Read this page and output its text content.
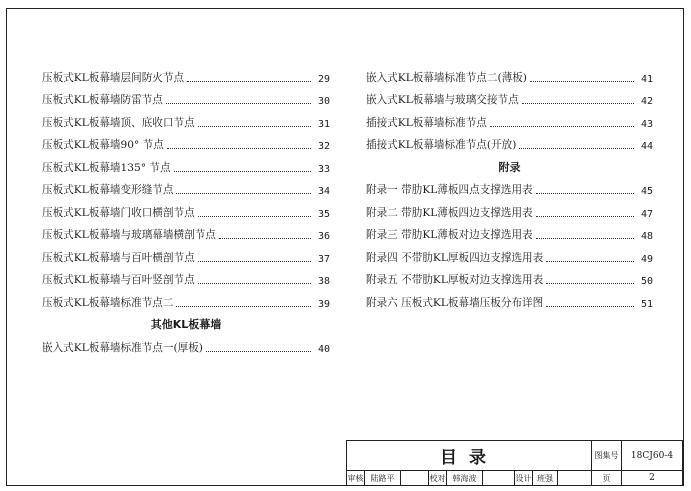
压板式KL板幕墙层间防火节点	29
压板式KL板幕墙防雷节点	30
压板式KL板幕墙顶、底收口节点	31
压板式KL板幕墙90° 节点	32
压板式KL板幕墙135° 节点	33
压板式KL板幕墙变形缝节点	34
压板式KL板幕墙门收口横剖节点	35
压板式KL板幕墙与玻璃幕墙横剖节点	36
压板式KL板幕墙与百叶横剖节点	37
压板式KL板幕墙与百叶竖剖节点	38
压板式KL板幕墙标准节点二	39
其他KL板幕墙
嵌入式KL板幕墙标准节点一(厚板)	40
嵌入式KL板幕墙标准节点二(薄板)	41
嵌入式KL板幕墙与玻璃交接节点	42
插接式KL板幕墙标准节点	43
插接式KL板幕墙标准节点(开放)	44
附录
附录一 带肋KL薄板四点支撑选用表	45
附录二 带肋KL薄板四边支撑选用表	47
附录三 带肋KL薄板对边支撑选用表	48
附录四 不带肋KL厚板四边支撑选用表	49
附录五 不带肋KL厚板对边支撑选用表	50
附录六 压板式KL板幕墙压板分布详图	51
目录	图集号	18CJ60-4
审核 陆路平	校对 韩海波	设计 班强	页	2
